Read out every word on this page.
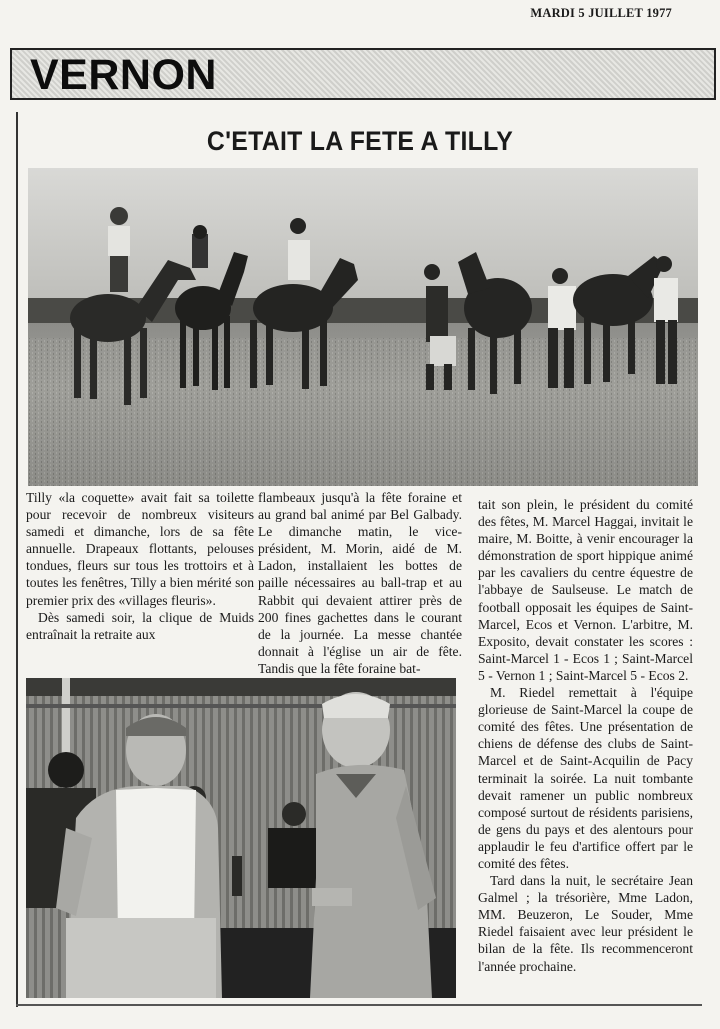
MARDI 5 JUILLET 1977
VERNON
C'ETAIT LA FETE A TILLY

Tilly «la coquette» avait fait sa toilette pour recevoir de nombreux visiteurs samedi et dimanche, lors de sa fête annuelle. Drapeaux flottants, pelouses tondues, fleurs sur tous les trottoirs et à toutes les fenêtres, Tilly a bien mérité son premier prix des «villages fleuris».

Dès samedi soir, la clique de Muids entraînait la retraite aux

flambeaux jusqu'à la fête foraine et au grand bal animé par Bel Galbady. Le dimanche matin, le vice-président, M. Morin, aidé de M. Ladon, installaient les bottes de paille nécessaires au ball-trap et au Rabbit qui devaient attirer près de 200 fines gachettes dans le courant de la journée. La messe chantée donnait à l'église un air de fête. Tandis que la fête foraine bat-

tait son plein, le président du comité des fêtes, M. Marcel Haggai, invitait le maire, M. Boitte, à venir encourager la démonstration de sport hippique animé par les cavaliers du centre équestre de l'abbaye de Saulseuse. Le match de football opposait les équipes de Saint-Marcel, Ecos et Vernon. L'arbitre, M. Exposito, devait constater les scores : Saint-Marcel 1 - Ecos 1 ; Saint-Marcel 5 - Vernon 1 ; Saint-Marcel 5 - Ecos 2.

M. Riedel remettait à l'équipe glorieuse de Saint-Marcel la coupe de comité des fêtes. Une présentation de chiens de défense des clubs de Saint-Marcel et de Saint-Acquilin de Pacy terminait la soirée. La nuit tombante devait ramener un public nombreux composé surtout de résidents parisiens, de gens du pays et des alentours pour applaudir le feu d'artifice offert par le comité des fêtes.

Tard dans la nuit, le secrétaire Jean Galmel ; la trésorière, Mme Ladon, MM. Beuzeron, Le Souder, Mme Riedel faisaient avec leur président le bilan de la fête. Ils recommenceront l'année prochaine.
